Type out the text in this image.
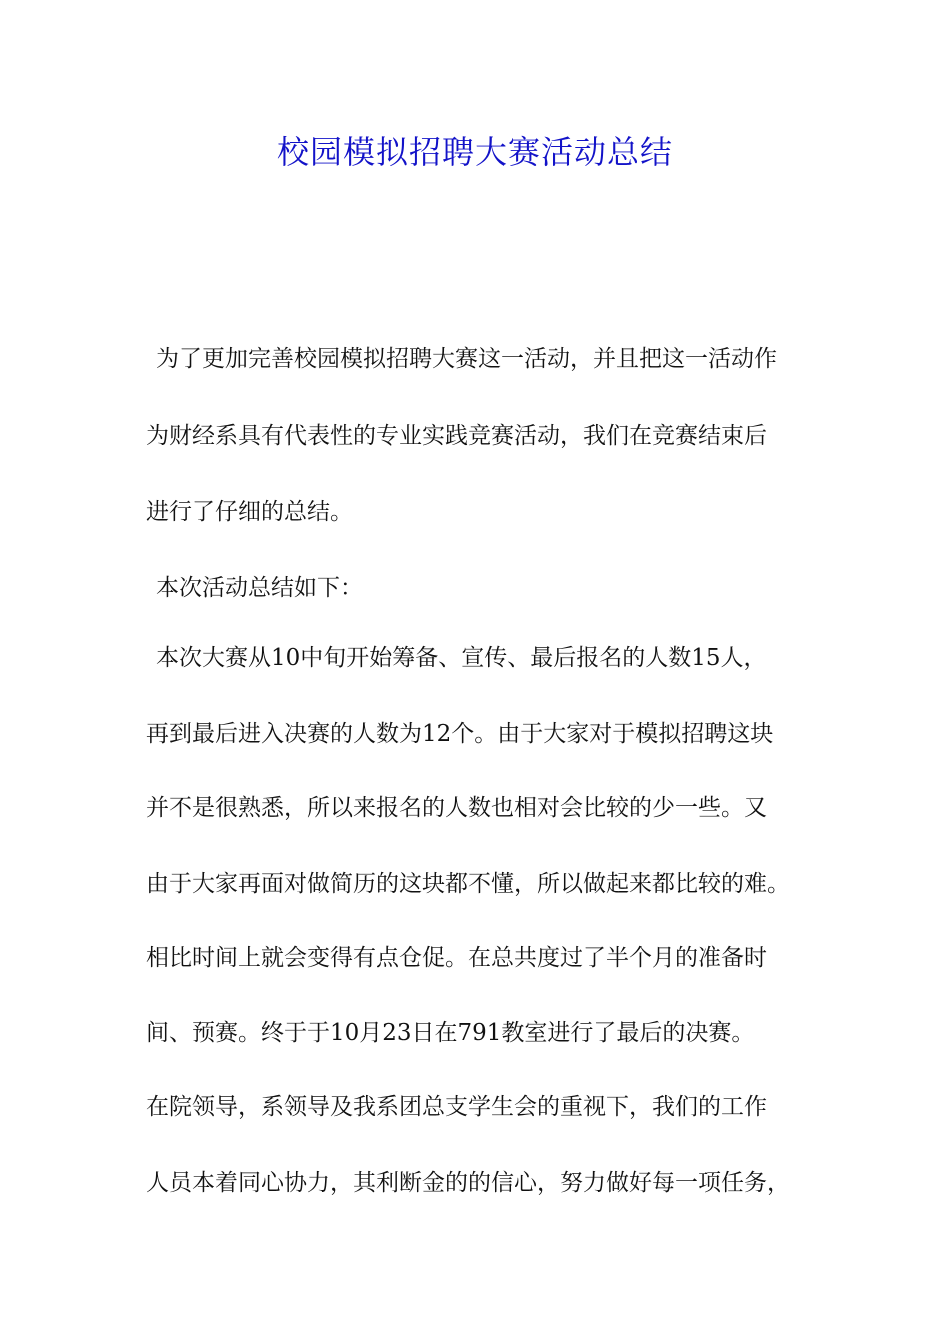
校园模拟招聘大赛活动总结

为了更加完善校园模拟招聘大赛这一活动，并且把这一活动作

为财经系具有代表性的专业实践竞赛活动，我们在竞赛结束后

进行了仔细的总结。

本次活动总结如下：

本次大赛从10中旬开始筹备、宣传、最后报名的人数15人，

再到最后进入决赛的人数为12个。由于大家对于模拟招聘这块

并不是很熟悉，所以来报名的人数也相对会比较的少一些。又

由于大家再面对做简历的这块都不懂，所以做起来都比较的难。

相比时间上就会变得有点仓促。在总共度过了半个月的准备时

间、预赛。终于于10月23日在791教室进行了最后的决赛。

在院领导，系领导及我系团总支学生会的重视下，我们的工作

人员本着同心协力，其利断金的的信心，努力做好每一项任务，
